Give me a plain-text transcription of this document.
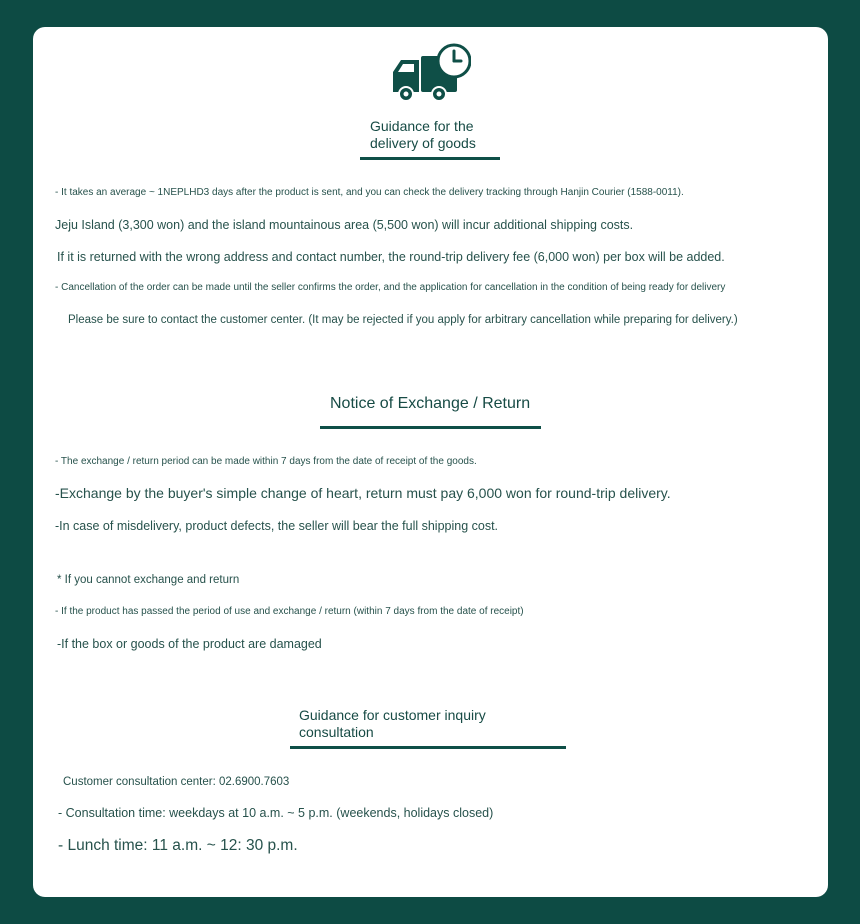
Guidance for the
delivery of goods
- It takes an average ~ 1NEPLHD3 days after the product is sent, and you can check the delivery tracking through Hanjin Courier (1588-0011).
Jeju Island (3,300 won) and the island mountainous area (5,500 won) will incur additional shipping costs.
If it is returned with the wrong address and contact number, the round-trip delivery fee (6,000 won) per box will be added.
- Cancellation of the order can be made until the seller confirms the order, and the application for cancellation in the condition of being ready for delivery
Please be sure to contact the customer center. (It may be rejected if you apply for arbitrary cancellation while preparing for delivery.)
Notice of Exchange / Return
- The exchange / return period can be made within 7 days from the date of receipt of the goods.
-Exchange by the buyer's simple change of heart, return must pay 6,000 won for round-trip delivery.
-In case of misdelivery, product defects, the seller will bear the full shipping cost.
* If you cannot exchange and return
- If the product has passed the period of use and exchange / return (within 7 days from the date of receipt)
-If the box or goods of the product are damaged
Guidance for customer inquiry
consultation
Customer consultation center: 02.6900.7603
- Consultation time: weekdays at 10 a.m. ~ 5 p.m. (weekends, holidays closed)
- Lunch time: 11 a.m. ~ 12: 30 p.m.
